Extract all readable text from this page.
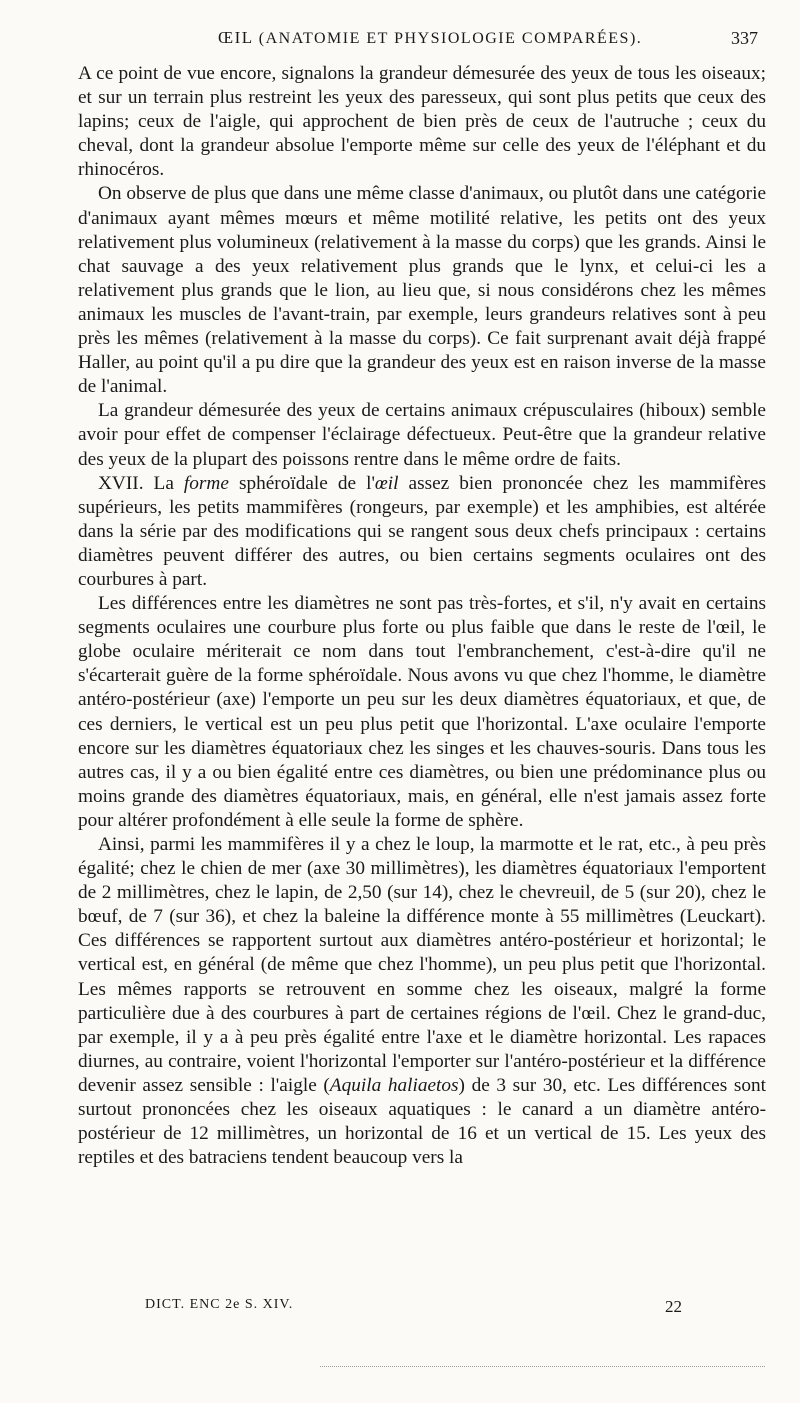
ŒIL (ANATOMIE ET PHYSIOLOGIE COMPARÉES).	337

A ce point de vue encore, signalons la grandeur démesurée des yeux de tous les oiseaux; et sur un terrain plus restreint les yeux des paresseux, qui sont plus petits que ceux des lapins; ceux de l'aigle, qui approchent de bien près de ceux de l'autruche ; ceux du cheval, dont la grandeur absolue l'emporte même sur celle des yeux de l'éléphant et du rhinocéros.

On observe de plus que dans une même classe d'animaux, ou plutôt dans une catégorie d'animaux ayant mêmes mœurs et même motilité relative, les petits ont des yeux relativement plus volumineux (relativement à la masse du corps) que les grands. Ainsi le chat sauvage a des yeux relativement plus grands que le lynx, et celui-ci les a relativement plus grands que le lion, au lieu que, si nous considérons chez les mêmes animaux les muscles de l'avant-train, par exemple, leurs grandeurs relatives sont à peu près les mêmes (relativement à la masse du corps). Ce fait surprenant avait déjà frappé Haller, au point qu'il a pu dire que la grandeur des yeux est en raison inverse de la masse de l'animal.

La grandeur démesurée des yeux de certains animaux crépusculaires (hiboux) semble avoir pour effet de compenser l'éclairage défectueux. Peut-être que la grandeur relative des yeux de la plupart des poissons rentre dans le même ordre de faits.

XVII. La forme sphéroïdale de l'œil assez bien prononcée chez les mammifères supérieurs, les petits mammifères (rongeurs, par exemple) et les amphibies, est altérée dans la série par des modifications qui se rangent sous deux chefs principaux : certains diamètres peuvent différer des autres, ou bien certains segments oculaires ont des courbures à part.

Les différences entre les diamètres ne sont pas très-fortes, et s'il, n'y avait en certains segments oculaires une courbure plus forte ou plus faible que dans le reste de l'œil, le globe oculaire mériterait ce nom dans tout l'embranchement, c'est-à-dire qu'il ne s'écarterait guère de la forme sphéroïdale. Nous avons vu que chez l'homme, le diamètre antéro-postérieur (axe) l'emporte un peu sur les deux diamètres équatoriaux, et que, de ces derniers, le vertical est un peu plus petit que l'horizontal. L'axe oculaire l'emporte encore sur les diamètres équatoriaux chez les singes et les chauves-souris. Dans tous les autres cas, il y a ou bien égalité entre ces diamètres, ou bien une prédominance plus ou moins grande des diamètres équatoriaux, mais, en général, elle n'est jamais assez forte pour altérer profondément à elle seule la forme de sphère.

Ainsi, parmi les mammifères il y a chez le loup, la marmotte et le rat, etc., à peu près égalité; chez le chien de mer (axe 30 millimètres), les diamètres équatoriaux l'emportent de 2 millimètres, chez le lapin, de 2,50 (sur 14), chez le chevreuil, de 5 (sur 20), chez le bœuf, de 7 (sur 36), et chez la baleine la différence monte à 55 millimètres (Leuckart). Ces différences se rapportent surtout aux diamètres antéro-postérieur et horizontal; le vertical est, en général (de même que chez l'homme), un peu plus petit que l'horizontal. Les mêmes rapports se retrouvent en somme chez les oiseaux, malgré la forme particulière due à des courbures à part de certaines régions de l'œil. Chez le grand-duc, par exemple, il y a à peu près égalité entre l'axe et le diamètre horizontal. Les rapaces diurnes, au contraire, voient l'horizontal l'emporter sur l'antéro-postérieur et la différence devenir assez sensible : l'aigle (Aquila haliaetos) de 3 sur 30, etc. Les différences sont surtout prononcées chez les oiseaux aquatiques : le canard a un diamètre antéro-postérieur de 12 millimètres, un horizontal de 16 et un vertical de 15. Les yeux des reptiles et des batraciens tendent beaucoup vers la

DICT. ENC 2e S. XIV.	22
